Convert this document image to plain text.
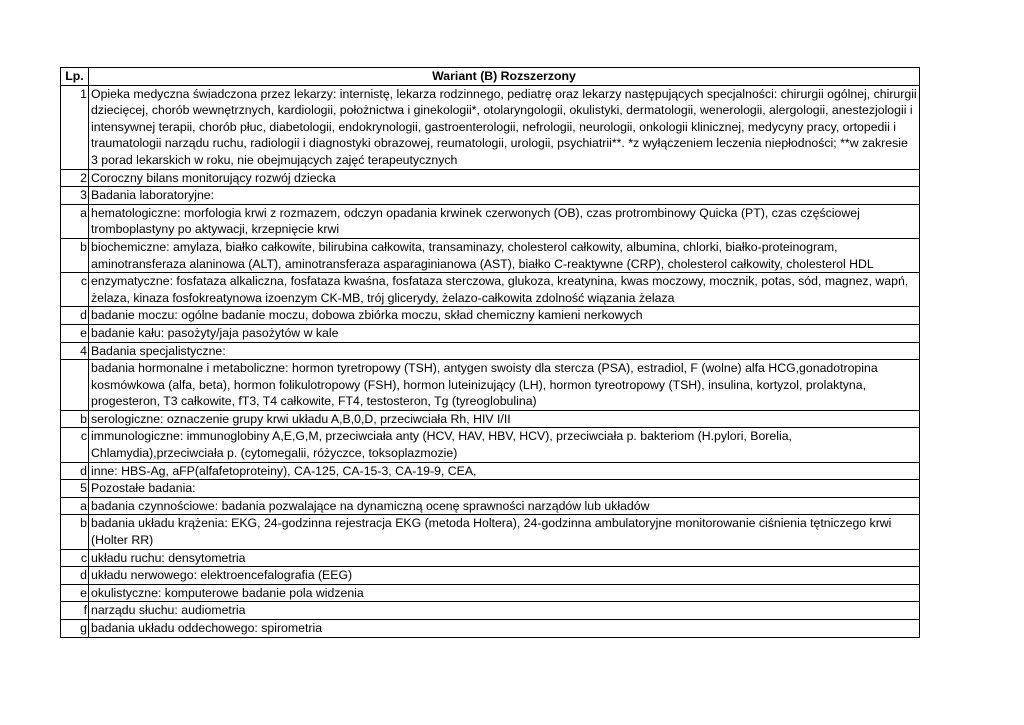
Lp.	Wariant (B) Rozszerzony
1	Opieka medyczna świadczona przez lekarzy: internistę, lekarza rodzinnego, pediatrę oraz lekarzy następujących specjalności: chirurgii ogólnej, chirurgii dziecięcej, chorób wewnętrznych, kardiologii, położnictwa i ginekologii*, otolaryngologii, okulistyki, dermatologii, wenerologii, alergologii, anestezjologii i intensywnej terapii, chorób płuc, diabetologii, endokrynologii, gastroenterologii, nefrologii, neurologii, onkologii klinicznej, medycyny pracy, ortopedii i traumatologii narządu ruchu, radiologii i diagnostyki obrazowej, reumatologii, urologii, psychiatrii**. *z wyłączeniem leczenia niepłodności; **w zakresie 3 porad lekarskich w roku, nie obejmujących zajęć terapeutycznych
2	Coroczny bilans monitorujący rozwój dziecka
3	Badania laboratoryjne:
a	hematologiczne: morfologia krwi z rozmazem, odczyn opadania krwinek czerwonych (OB), czas protrombinowy Quicka (PT), czas częściowej tromboplastyny po aktywacji, krzepnięcie krwi
b	biochemiczne: amylaza, białko całkowite, bilirubina całkowita, transaminazy, cholesterol całkowity, albumina, chlorki, białko-proteinogram, aminotransferaza alaninowa (ALT), aminotransferaza asparaginianowa (AST), białko C-reaktywne (CRP), cholesterol całkowity, cholesterol HDL
c	enzymatyczne: fosfataza alkaliczna, fosfataza kwaśna, fosfataza sterczowa, glukoza, kreatynina, kwas moczowy, mocznik, potas, sód, magnez, wapń, żelaza, kinaza fosfokreatynowa izoenzym CK-MB, trój glicerydy, żelazo-całkowita zdolność wiązania żelaza
d	badanie moczu: ogólne badanie moczu, dobowa zbiórka moczu, skład chemiczny kamieni nerkowych
e	badanie kału: pasożyty/jaja pasożytów w kale
4	Badania specjalistyczne:
	badania hormonalne i metaboliczne: hormon tyretropowy (TSH), antygen swoisty dla stercza (PSA), estradiol, F (wolne) alfa HCG,gonadotropina kosmówkowa (alfa, beta), hormon folikulotropowy (FSH), hormon luteinizujący (LH), hormon tyreotropowy (TSH), insulina, kortyzol, prolaktyna, progesteron, T3 całkowite, fT3, T4 całkowite, FT4, testosteron, Tg (tyreoglobulina)
b	serologiczne: oznaczenie grupy krwi układu A,B,0,D, przeciwciała Rh, HIV I/II
c	immunologiczne: immunoglobiny A,E,G,M, przeciwciała anty (HCV, HAV, HBV, HCV), przeciwciała p. bakteriom (H.pylori, Borelia, Chlamydia),przeciwciała p. (cytomegalii, różyczce, toksoplazmozie)
d	inne: HBS-Ag, aFP(alfafetoproteiny), CA-125, CA-15-3, CA-19-9, CEA,
5	Pozostałe badania:
a	badania czynnościowe: badania pozwalające na dynamiczną ocenę sprawności narządów lub układów
b	badania układu krążenia: EKG, 24-godzinna rejestracja EKG (metoda Holtera), 24-godzinna ambulatoryjne monitorowanie ciśnienia tętniczego krwi (Holter RR)
c	układu ruchu: densytometria
d	układu nerwowego: elektroencefalografia (EEG)
e	okulistyczne: komputerowe badanie pola widzenia
f	narządu słuchu: audiometria
g	badania układu oddechowego: spirometria
